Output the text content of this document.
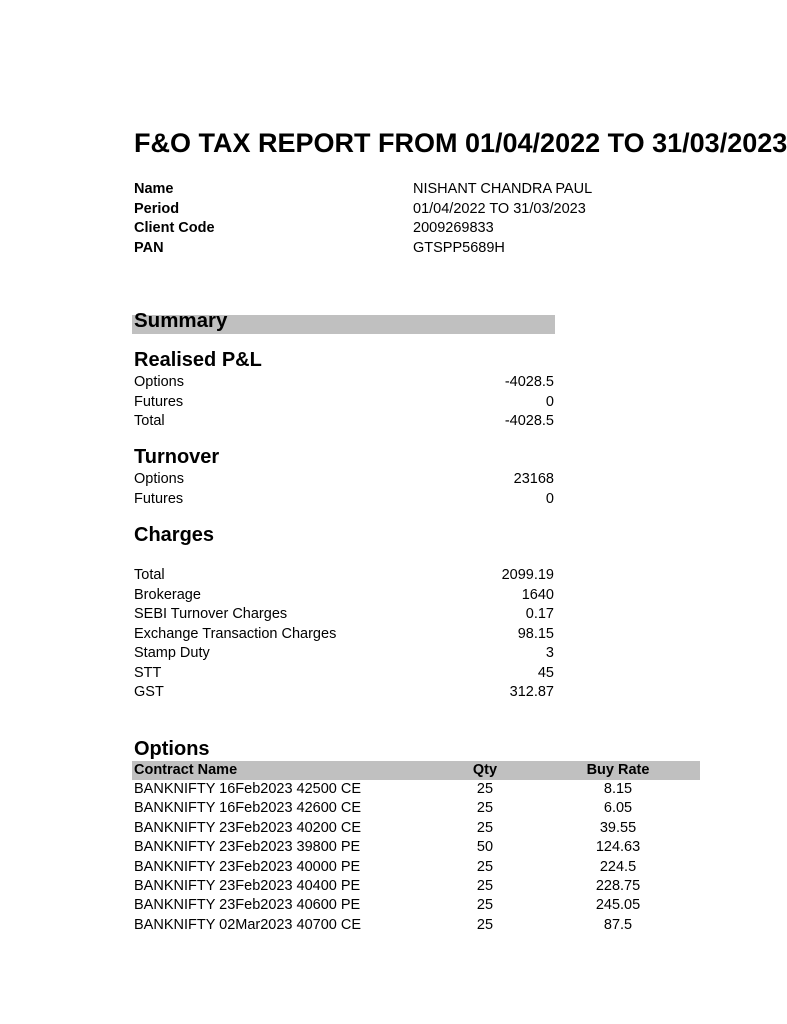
F&O TAX REPORT FROM 01/04/2022 TO 31/03/2023
Name	NISHANT CHANDRA PAUL
Period	01/04/2022 TO 31/03/2023
Client Code	2009269833
PAN	GTSPP5689H
Summary
Realised P&L
Options	-4028.5
Futures	0
Total	-4028.5
Turnover
Options	23168
Futures	0
Charges
Total	2099.19
Brokerage	1640
SEBI Turnover Charges	0.17
Exchange Transaction Charges	98.15
Stamp Duty	3
STT	45
GST	312.87
Options
Contract Name	Qty	Buy Rate
BANKNIFTY 16Feb2023 42500 CE	25	8.15
BANKNIFTY 16Feb2023 42600 CE	25	6.05
BANKNIFTY 23Feb2023 40200 CE	25	39.55
BANKNIFTY 23Feb2023 39800 PE	50	124.63
BANKNIFTY 23Feb2023 40000 PE	25	224.5
BANKNIFTY 23Feb2023 40400 PE	25	228.75
BANKNIFTY 23Feb2023 40600 PE	25	245.05
BANKNIFTY 02Mar2023 40700 CE	25	87.5
